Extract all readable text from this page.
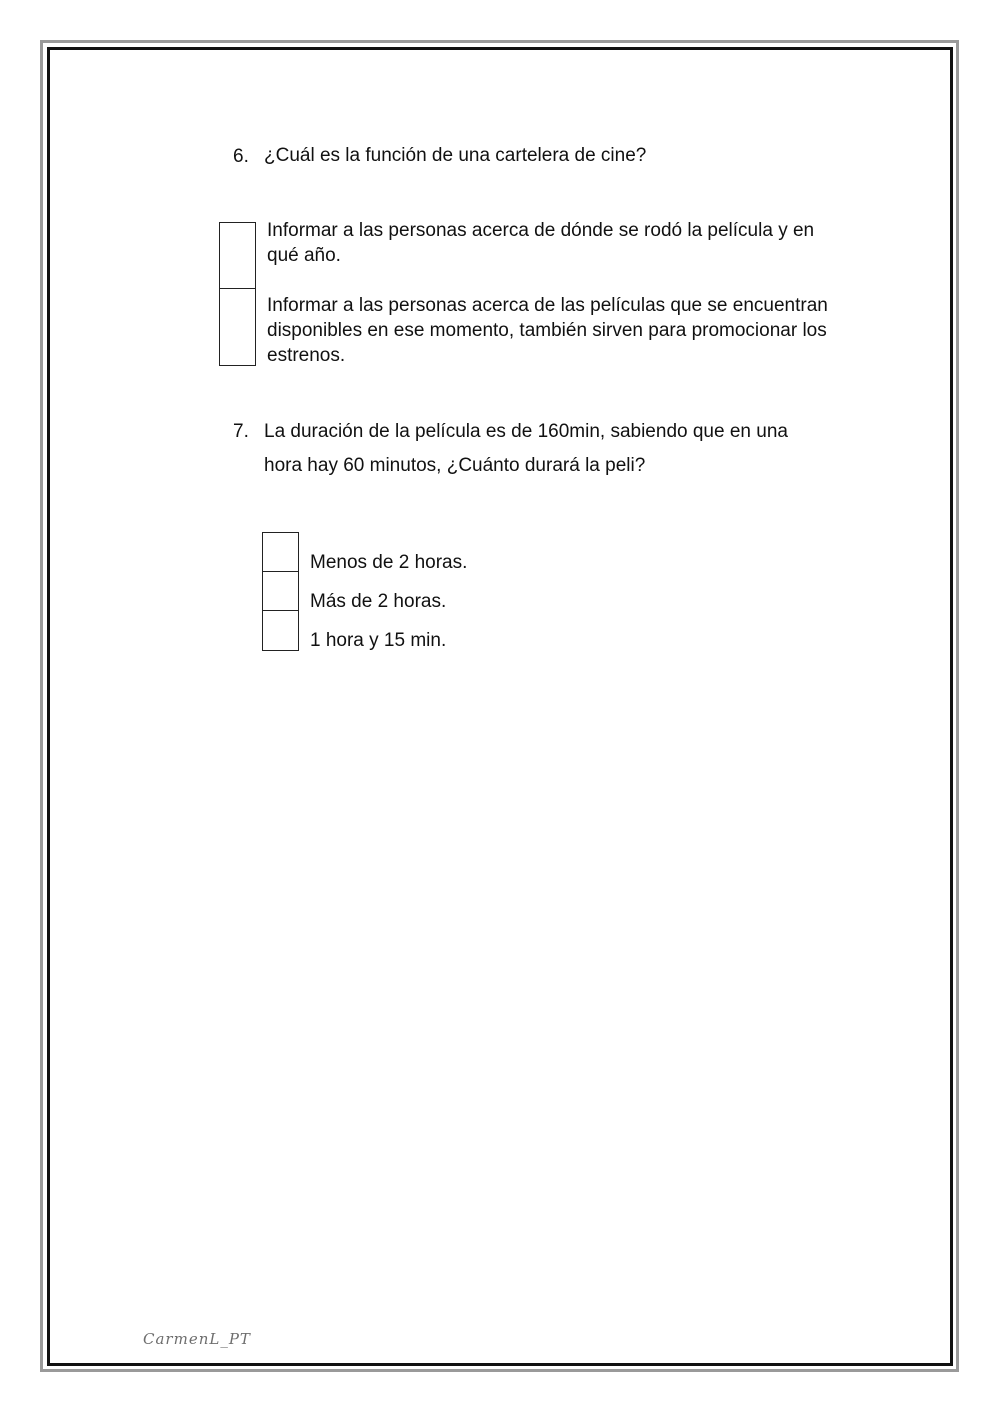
6. ¿Cuál es la función de una cartelera de cine?
Informar a las personas acerca de dónde se rodó la película y en
qué año.
Informar a las personas acerca de las películas que se encuentran
disponibles en ese momento, también sirven para promocionar los
estrenos.
7. La duración de la película es de 160min, sabiendo que en una
hora hay 60 minutos, ¿Cuánto durará la peli?
Menos de 2 horas.
Más de 2 horas.
1 hora y 15 min.
CarmenL_PT
